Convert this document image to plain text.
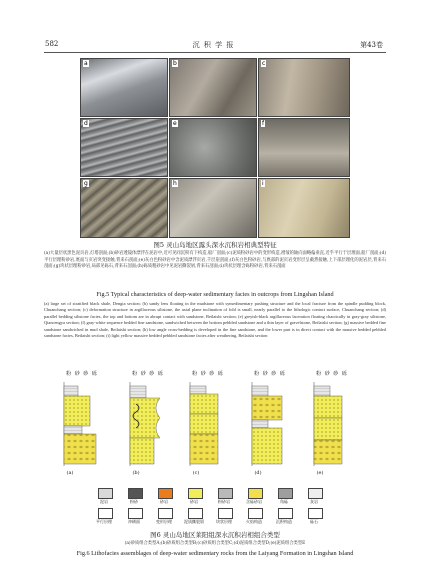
582	沉 积 学 报	第43卷
a	b	c
d	e	f
g	h	i
图5 灵山岛地区露头深水沉积岩相典型特征
(a)大量层状黑色泥页岩,灯塔剖面;(b)砂岩透镜体漂浮在泥岩中,近可见同沉积有下构造,船厂剖面;(c)泥质粉砂岩中的变形构造,褶皱的轴向面略偏垂直,近乎平行于层理面,船厂剖面;(d)平行层理粉砂岩,底面与页岩突变接触,背来石剖面;(e)灰白色粉砂岩中含泥质漂浮页岩,千层崖剖面;(f)灰白色粉砂岩,与底部的泥页岩变形层呈截然接触,上下部层理化的泥岩层,背来石剖面;(g)块状层理粉砂岩,局部见砾石,背来石剖面;(h)砾质粗砂岩中见泥岩撕裂屑,背来石剖面;(i)块状层理含砾粉砂岩,背来石剖面
Fig.5 Typical characteristics of deep-water sedimentary facies in outcrops from Lingshan Island
(a) large set of stratified black shale, Dengta section; (b) sandy lens floating in the mudstone with synsedimentary pushing structure and the local fracture from the spindle pudding block, Chuanchang section; (c) deformation structure in argillaceous siltstone, the axial plane inclination of fold is small, nearly parallel to the lithologic contact surface, Chuanchang section; (d) parallel bedding siltstone facies, the top and bottom are in abrupt contact with sandstone, Beilaishi section; (e) greyish-black argillaceous laceration floating chaotically in gray-gray siltstone, Qiancengya section; (f) gray-white sequence bedded fine sandstone, sandwiched between the bottom pebbled sandstone and a thin layer of gravelstone, Beilaishi section; (g) massive bedded fine sandstone sandwiched in mud shale, Beilaishi section; (h) low angle cross-bedding is developed in the fine sandstone, and the lower part is in direct contact with the massive bedded pebbled sandstone facies, Beilaishi section; (i) light yellow massive bedded pebbled sandstone facies after weathering, Beilaishi section
粉 砂 砂 砾	粉 砂 砂 砾	粉 砂 砂 砾	粉 砂 砂 砾	粉 砂 砂 砾
(a)	(b)	(c)	(d)	(e)
泥岩	粉砂	砂岩	砂岩	粉砂岩	含砾砂岩	角砾	灰岩
平行层理	冲刷面	变形层理	泥质撕裂屑	块状层理	火焰构造	沉积构造	砾石
图6 灵山岛地区莱阳组深水沉积岩相组合类型
(a)砂质组合类型A;(b)砂质组合类型B;(c)砂质组合类型C;(d)泥质组合类型D;(e)泥质组合类型E
Fig.6 Lithofacies assemblages of deep-water sedimentary rocks from the Laiyang Formation in Lingshan Island
